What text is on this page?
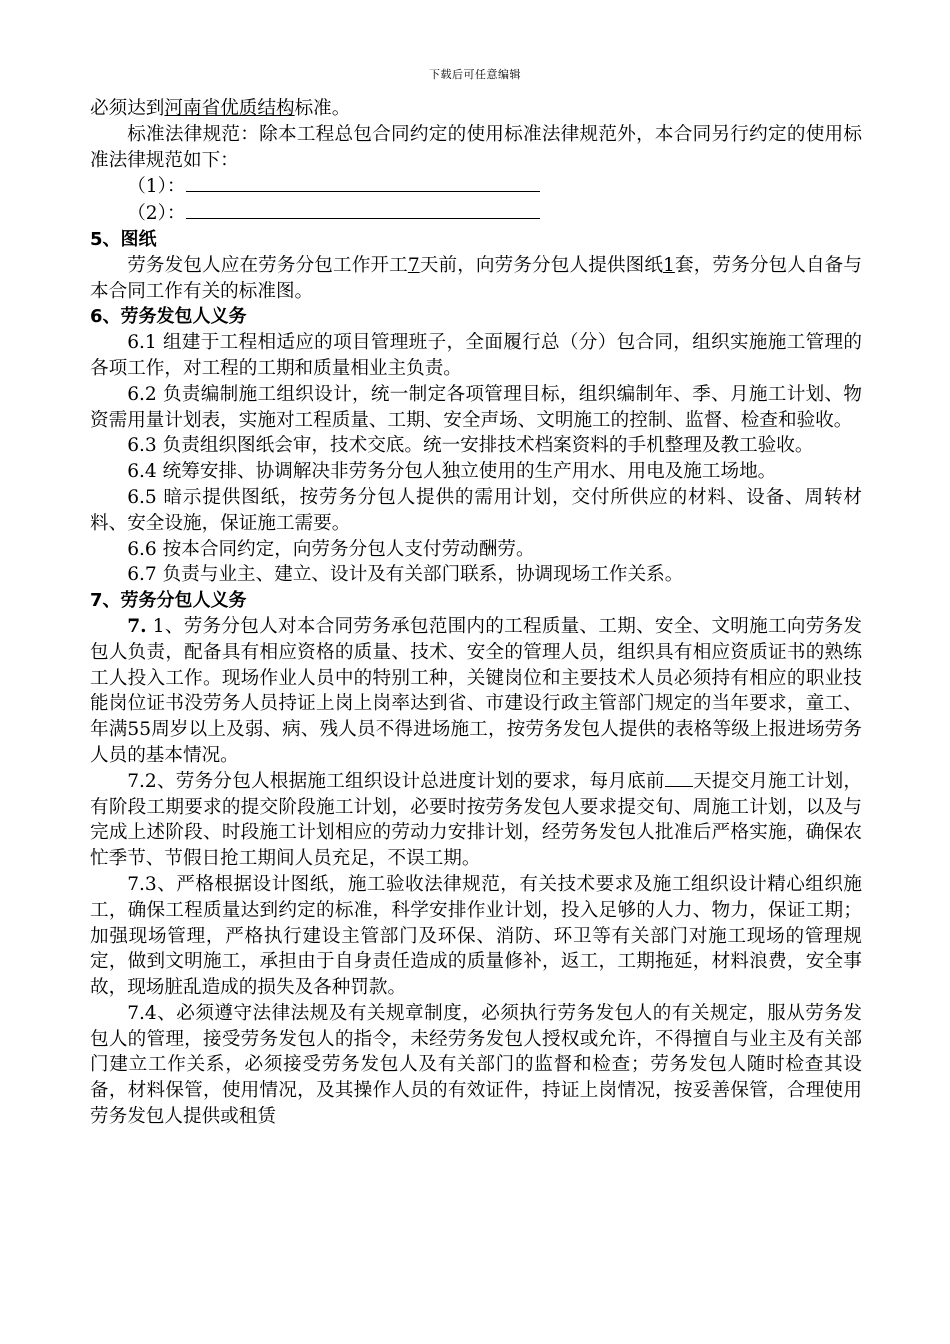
下载后可任意编辑

必须达到河南省优质结构标准。

标准法律规范：除本工程总包合同约定的使用标准法律规范外，本合同另行约定的使用标准法律规范如下：

（1）：

（2）：

5、图纸

劳务发包人应在劳务分包工作开工7天前，向劳务分包人提供图纸1套，劳务分包人自备与本合同工作有关的标准图。

6、劳务发包人义务

6.1 组建于工程相适应的项目管理班子，全面履行总（分）包合同，组织实施施工管理的各项工作，对工程的工期和质量相业主负责。

6.2 负责编制施工组织设计，统一制定各项管理目标，组织编制年、季、月施工计划、物资需用量计划表，实施对工程质量、工期、安全声场、文明施工的控制、监督、检查和验收。

6.3 负责组织图纸会审，技术交底。统一安排技术档案资料的手机整理及教工验收。

6.4 统筹安排、协调解决非劳务分包人独立使用的生产用水、用电及施工场地。

6.5 暗示提供图纸，按劳务分包人提供的需用计划，交付所供应的材料、设备、周转材料、安全设施，保证施工需要。

6.6 按本合同约定，向劳务分包人支付劳动酬劳。

6.7 负责与业主、建立、设计及有关部门联系，协调现场工作关系。

7、劳务分包人义务

7. 1、劳务分包人对本合同劳务承包范围内的工程质量、工期、安全、文明施工向劳务发包人负责，配备具有相应资格的质量、技术、安全的管理人员，组织具有相应资质证书的熟练工人投入工作。现场作业人员中的特别工种，关键岗位和主要技术人员必须持有相应的职业技能岗位证书没劳务人员持证上岗上岗率达到省、市建设行政主管部门规定的当年要求，童工、年满55周岁以上及弱、病、残人员不得进场施工，按劳务发包人提供的表格等级上报进场劳务人员的基本情况。

7.2、劳务分包人根据施工组织设计总进度计划的要求，每月底前 天提交月施工计划，有阶段工期要求的提交阶段施工计划，必要时按劳务发包人要求提交旬、周施工计划，以及与完成上述阶段、时段施工计划相应的劳动力安排计划，经劳务发包人批准后严格实施，确保农忙季节、节假日抢工期间人员充足，不误工期。

7.3、严格根据设计图纸，施工验收法律规范，有关技术要求及施工组织设计精心组织施工，确保工程质量达到约定的标准，科学安排作业计划，投入足够的人力、物力，保证工期；加强现场管理，严格执行建设主管部门及环保、消防、环卫等有关部门对施工现场的管理规定，做到文明施工，承担由于自身责任造成的质量修补，返工，工期拖延，材料浪费，安全事故，现场脏乱造成的损失及各种罚款。

7.4、必须遵守法律法规及有关规章制度，必须执行劳务发包人的有关规定，服从劳务发包人的管理，接受劳务发包人的指令，未经劳务发包人授权或允许，不得擅自与业主及有关部门建立工作关系，必须接受劳务发包人及有关部门的监督和检查；劳务发包人随时检查其设备，材料保管，使用情况，及其操作人员的有效证件，持证上岗情况，按妥善保管，合理使用劳务发包人提供或租赁
